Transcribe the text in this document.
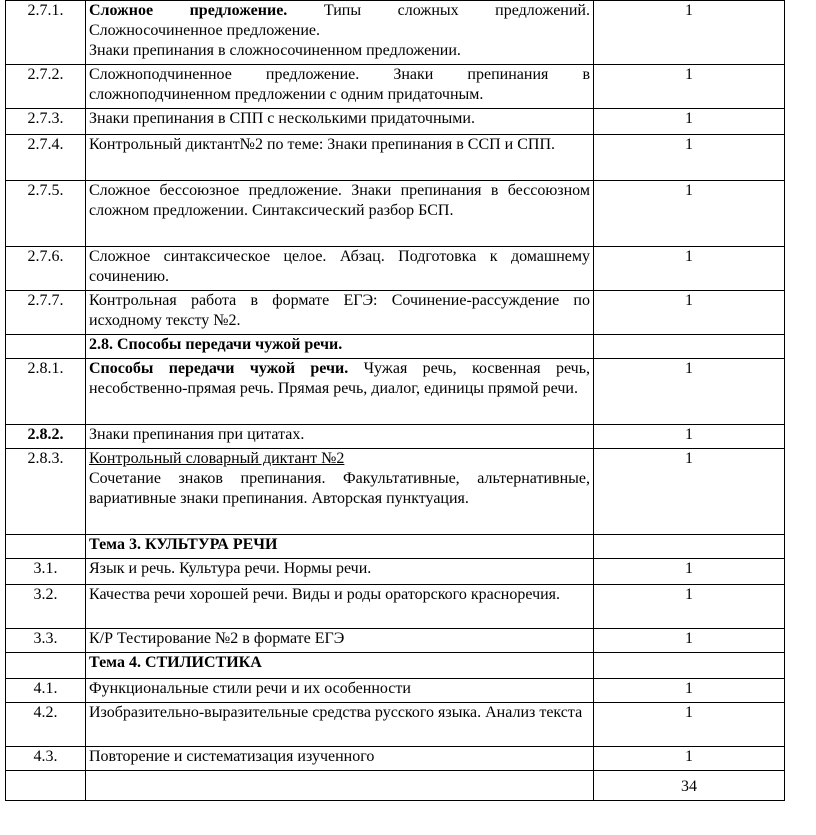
2.7.1.	Сложное предложение. Типы сложных предложений. Сложносочиненное предложение.
Знаки препинания в сложносочиненном предложении.	1
2.7.2.	Сложноподчиненное предложение. Знаки препинания в сложноподчиненном предложении с одним придаточным.	1
2.7.3.	Знаки препинания в СПП с несколькими придаточными.	1
2.7.4.	Контрольный диктант№2 по теме: Знаки препинания в ССП и СПП.	1
2.7.5.	Сложное бессоюзное предложение. Знаки препинания в бессоюзном сложном предложении. Синтаксический разбор БСП.	1
2.7.6.	Сложное синтаксическое целое. Абзац. Подготовка к домашнему сочинению.	1
2.7.7.	Контрольная работа в формате ЕГЭ: Сочинение-рассуждение по исходному тексту №2.	1
	2.8. Способы передачи чужой речи.	
2.8.1.	Способы передачи чужой речи. Чужая речь, косвенная речь, несобственно-прямая речь. Прямая речь, диалог, единицы прямой речи.	1
2.8.2.	Знаки препинания при цитатах.	1
2.8.3.	Контрольный словарный диктант №2
Сочетание знаков препинания. Факультативные, альтернативные, вариативные знаки препинания. Авторская пунктуация.	1
	Тема 3. КУЛЬТУРА РЕЧИ	
3.1.	Язык и речь. Культура речи. Нормы речи.	1
3.2.	Качества речи хорошей речи. Виды и роды ораторского красноречия.	1
3.3.	К/Р Тестирование №2 в формате ЕГЭ	1
	Тема 4. СТИЛИСТИКА	
4.1.	Функциональные стили речи и их особенности	1
4.2.	Изобразительно-выразительные средства русского языка. Анализ текста	1
4.3.	Повторение и систематизация изученного	1

		34
